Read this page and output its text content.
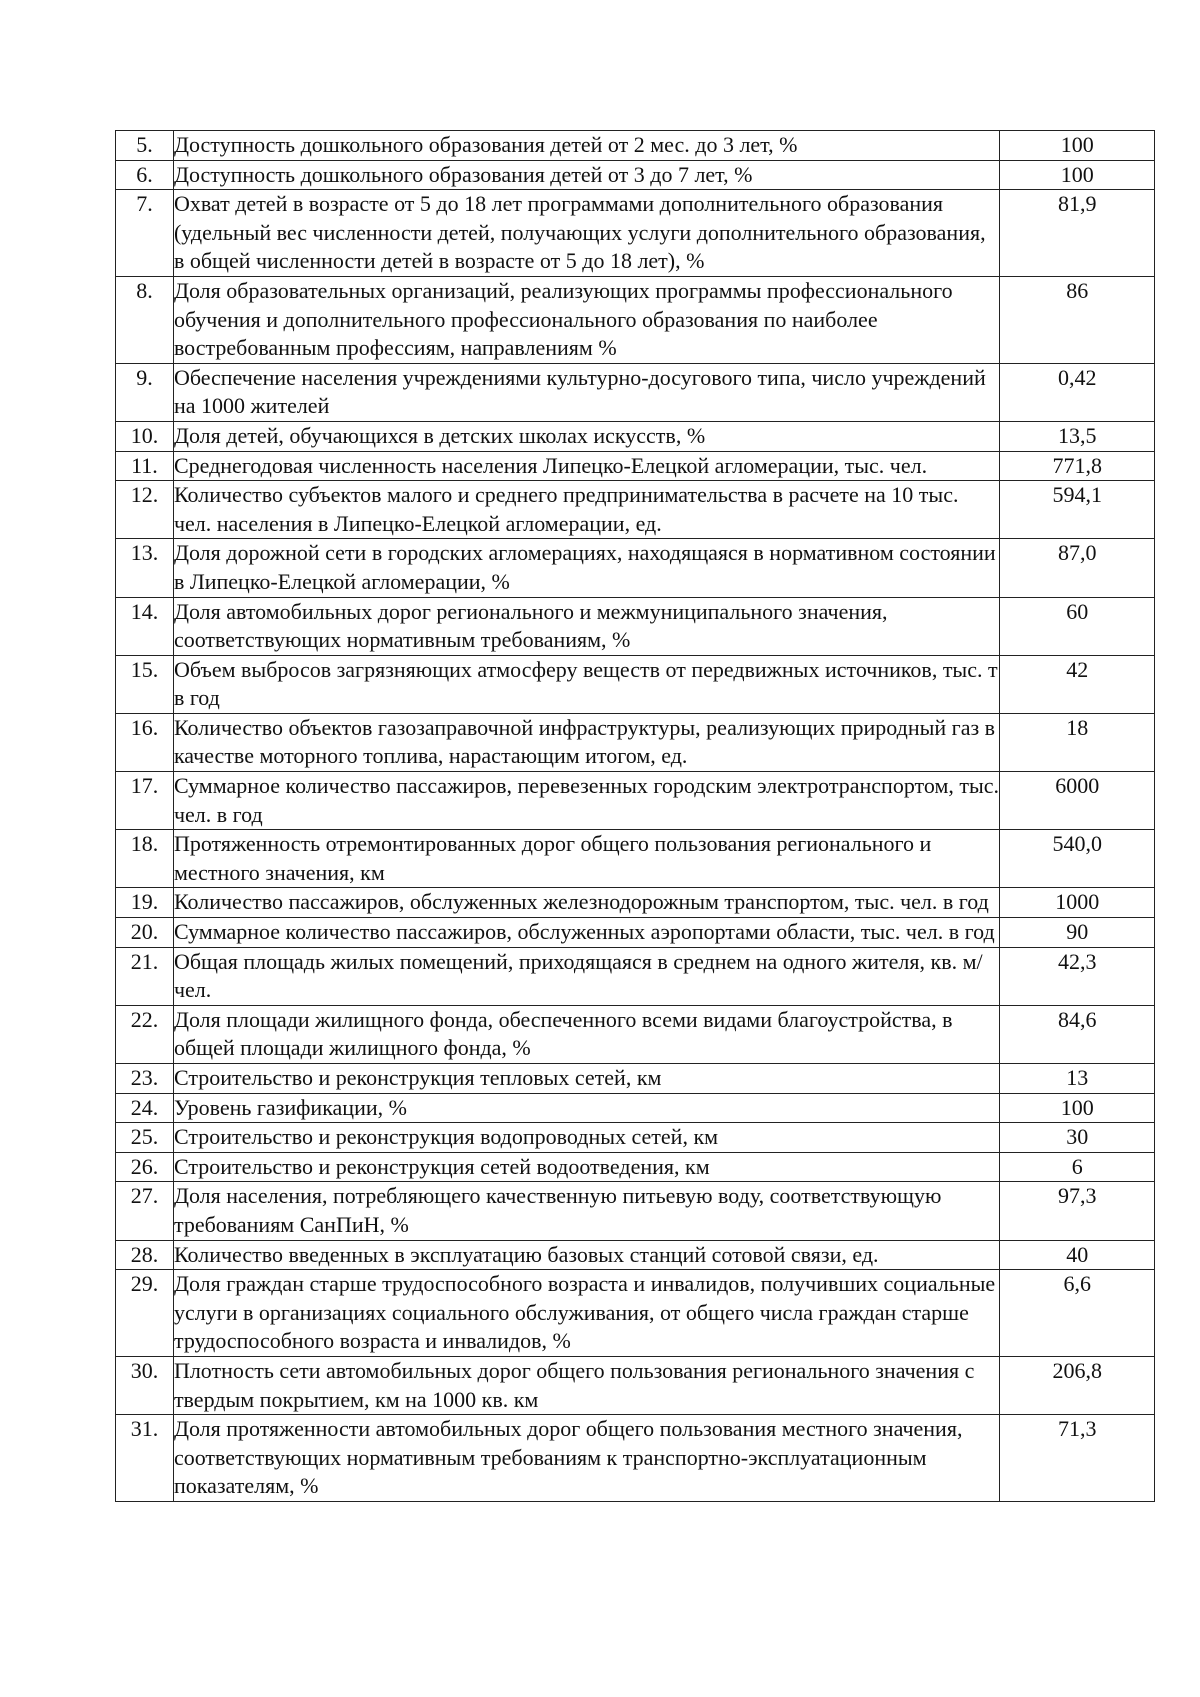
5.	Доступность дошкольного образования детей от 2 мес. до 3 лет, %	100
6.	Доступность дошкольного образования детей от 3 до 7 лет, %	100
7.	Охват детей в возрасте от 5 до 18 лет программами дополнительного образования (удельный вес численности детей, получающих услуги дополнительного образования, в общей численности детей в возрасте от 5 до 18 лет), %	81,9
8.	Доля образовательных организаций, реализующих программы профессионального обучения и дополнительного профессионального образования по наиболее востребованным профессиям, направлениям %	86
9.	Обеспечение населения учреждениями культурно-досугового типа, число учреждений на 1000 жителей	0,42
10.	Доля детей, обучающихся в детских школах искусств, %	13,5
11.	Среднегодовая численность населения Липецко-Елецкой агломерации, тыс. чел.	771,8
12.	Количество субъектов малого и среднего предпринимательства в расчете на 10 тыс. чел. населения в Липецко-Елецкой агломерации, ед.	594,1
13.	Доля дорожной сети в городских агломерациях, находящаяся в нормативном состоянии в Липецко-Елецкой агломерации, %	87,0
14.	Доля автомобильных дорог регионального и межмуниципального значения, соответствующих нормативным требованиям, %	60
15.	Объем выбросов загрязняющих атмосферу веществ от передвижных источников, тыс. т в год	42
16.	Количество объектов газозаправочной инфраструктуры, реализующих природный газ в качестве моторного топлива, нарастающим итогом, ед.	18
17.	Суммарное количество пассажиров, перевезенных городским электротранспортом, тыс. чел. в год	6000
18.	Протяженность отремонтированных дорог общего пользования регионального и местного значения, км	540,0
19.	Количество пассажиров, обслуженных железнодорожным транспортом, тыс. чел. в год	1000
20.	Суммарное количество пассажиров, обслуженных аэропортами области, тыс. чел. в год	90
21.	Общая площадь жилых помещений, приходящаяся в среднем на одного жителя, кв. м/чел.	42,3
22.	Доля площади жилищного фонда, обеспеченного всеми видами благоустройства, в общей площади жилищного фонда, %	84,6
23.	Строительство и реконструкция тепловых сетей, км	13
24.	Уровень газификации, %	100
25.	Строительство и реконструкция водопроводных сетей, км	30
26.	Строительство и реконструкция сетей водоотведения, км	6
27.	Доля населения, потребляющего качественную питьевую воду, соответствующую требованиям СанПиН, %	97,3
28.	Количество введенных в эксплуатацию базовых станций сотовой связи, ед.	40
29.	Доля граждан старше трудоспособного возраста и инвалидов, получивших социальные услуги в организациях социального обслуживания, от общего числа граждан старше трудоспособного возраста и инвалидов, %	6,6
30.	Плотность сети автомобильных дорог общего пользования регионального значения с твердым покрытием, км на 1000 кв. км	206,8
31.	Доля протяженности автомобильных дорог общего пользования местного значения, соответствующих нормативным требованиям к транспортно-эксплуатационным показателям, %	71,3
